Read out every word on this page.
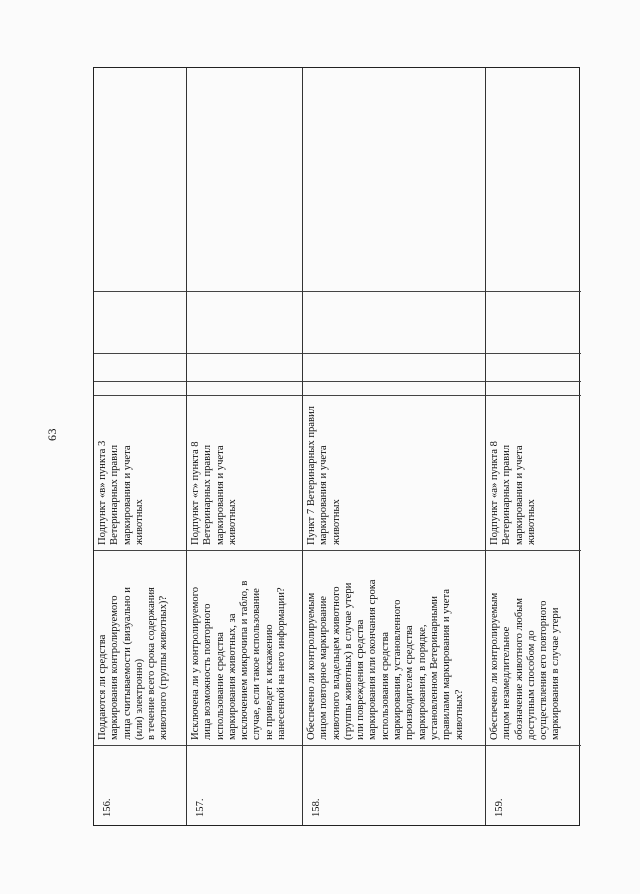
63
156.
Поддаются ли средства
маркирования контролируемого
лица считываемости (визуально и
(или) электронно)
в течение всего срока содержания
животного (группы животных)?
Подпункт «в» пункта 3
Ветеринарных правил
маркирования и учета животных
157.
Исключена ли у контролируемого
лица возможность повторного
использование средства
маркирования животных, за
исключением микрочипа и табло, в
случае, если такое использование
не приведет к искажению
нанесенной на него информации?
Подпункт «г» пункта 8
Ветеринарных правил
маркирования и учета животных
158.
Обеспечено ли контролируемым
лицом повторное маркирование
животного владельцем животного
(группы животных) в случае утери
или повреждения средства
маркирования или окончания срока
использования средства
маркирования, установленного
производителем средства
маркирования, в порядке,
установленном Ветеринарными
правилами маркирования и учета
животных?
Пункт 7 Ветеринарных правил
маркирования и учета животных
159.
Обеспечено ли контролируемым
лицом незамедлительное
обозначение животного любым
доступным способом до
осуществления его повторного
маркирования в случае утери
Подпункт «а» пункта 8
Ветеринарных правил
маркирования и учета животных
